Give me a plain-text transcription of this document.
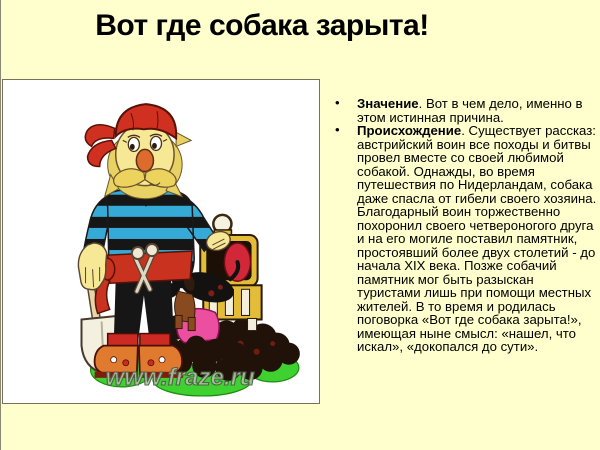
Вот где собака зарыта!
www.fraze.ru
• Значение. Вот в чем дело, именно в этом истинная причина.
• Происхождение. Существует рассказ: австрийский воин все походы и битвы провел вместе со своей любимой собакой. Однажды, во время путешествия по Нидерландам, собака даже спасла от гибели своего хозяина. Благодарный воин торжественно похоронил своего четвероногого друга и на его могиле поставил памятник, простоявший более двух столетий - до начала XIX века. Позже собачий памятник мог быть разыскан туристами лишь при помощи местных жителей. В то время и родилась поговорка «Вот где собака зарыта!», имеющая ныне смысл: «нашел, что искал», «докопался до сути».
